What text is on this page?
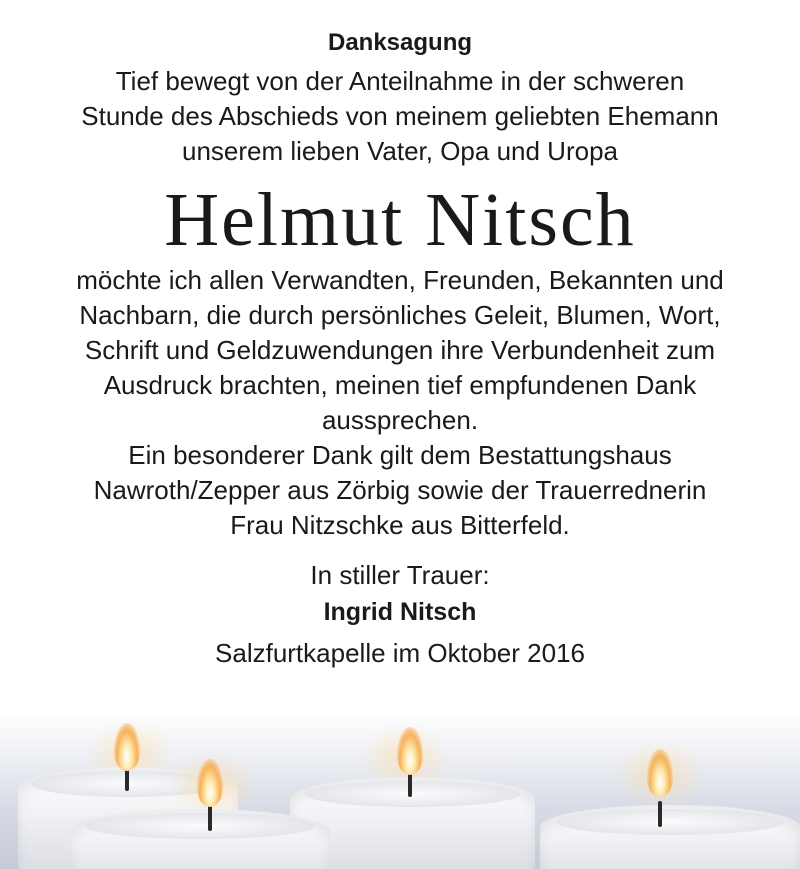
Danksagung
Tief bewegt von der Anteilnahme in der schweren
Stunde des Abschieds von meinem geliebten Ehemann
unserem lieben Vater, Opa und Uropa
Helmut Nitsch
möchte ich allen Verwandten, Freunden, Bekannten und
Nachbarn, die durch persönliches Geleit, Blumen, Wort,
Schrift und Geldzuwendungen ihre Verbundenheit zum
Ausdruck brachten, meinen tief empfundenen Dank
aussprechen.
Ein besonderer Dank gilt dem Bestattungshaus
Nawroth/Zepper aus Zörbig sowie der Trauerrednerin
Frau Nitzschke aus Bitterfeld.
In stiller Trauer:
Ingrid Nitsch
Salzfurtkapelle im Oktober 2016
